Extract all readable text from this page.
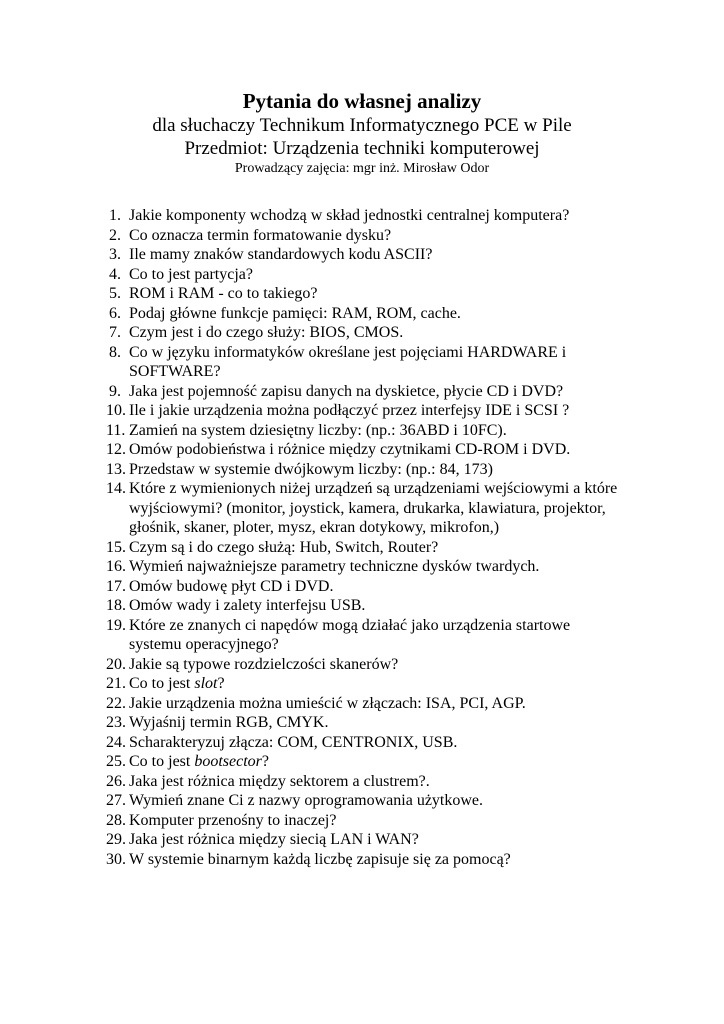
Pytania do własnej analizy

dla słuchaczy Technikum Informatycznego PCE w Pile

Przedmiot: Urządzenia techniki komputerowej

Prowadzący zajęcia: mgr inż. Mirosław Odor

1. Jakie komponenty wchodzą w skład jednostki centralnej komputera?
2. Co oznacza termin formatowanie dysku?
3. Ile mamy znaków standardowych kodu ASCII?
4. Co to jest partycja?
5. ROM i RAM - co to takiego?
6. Podaj główne funkcje pamięci: RAM, ROM, cache.
7. Czym jest i do czego służy: BIOS, CMOS.
8. Co w języku informatyków określane jest pojęciami HARDWARE i SOFTWARE?
9. Jaka jest pojemność zapisu danych na dyskietce, płycie CD i DVD?
10. Ile i jakie urządzenia można podłączyć przez interfejsy IDE i SCSI ?
11. Zamień na system dziesiętny liczby: (np.: 36ABD i 10FC).
12. Omów podobieństwa i różnice między czytnikami CD-ROM i DVD.
13. Przedstaw w systemie dwójkowym liczby: (np.: 84, 173)
14. Które z wymienionych niżej urządzeń są urządzeniami wejściowymi a które wyjściowymi? (monitor, joystick, kamera, drukarka, klawiatura, projektor, głośnik, skaner, ploter, mysz, ekran dotykowy, mikrofon,)
15. Czym są i do czego służą: Hub, Switch, Router?
16. Wymień najważniejsze parametry techniczne dysków twardych.
17. Omów budowę płyt CD i DVD.
18. Omów wady i zalety interfejsu USB.
19. Które ze znanych ci napędów mogą działać jako urządzenia startowe systemu operacyjnego?
20. Jakie są typowe rozdzielczości skanerów?
21. Co to jest slot?
22. Jakie urządzenia można umieścić w złączach: ISA, PCI, AGP.
23. Wyjaśnij termin RGB, CMYK.
24. Scharakteryzuj złącza: COM, CENTRONIX, USB.
25. Co to jest bootsector?
26. Jaka jest różnica między sektorem a clustrem?.
27. Wymień znane Ci z nazwy oprogramowania użytkowe.
28. Komputer przenośny to inaczej?
29. Jaka jest różnica między siecią LAN i WAN?
30. W systemie binarnym każdą liczbę zapisuje się za pomocą?
